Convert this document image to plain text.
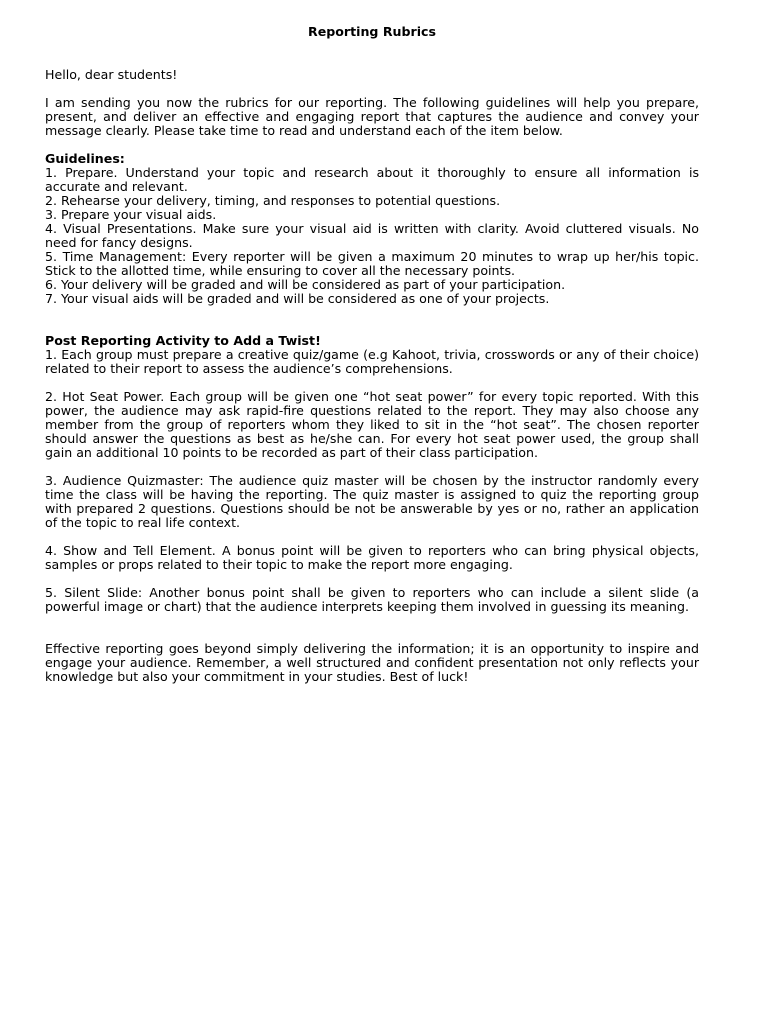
Reporting Rubrics

Hello, dear students!

I am sending you now the rubrics for our reporting. The following guidelines will help you prepare, present, and deliver an effective and engaging report that captures the audience and convey your message clearly. Please take time to read and understand each of the item below.

Guidelines:

1. Prepare. Understand your topic and research about it thoroughly to ensure all information is accurate and relevant.

2. Rehearse your delivery, timing, and responses to potential questions.

3. Prepare your visual aids.

4. Visual Presentations. Make sure your visual aid is written with clarity. Avoid cluttered visuals. No need for fancy designs.

5. Time Management: Every reporter will be given a maximum 20 minutes to wrap up her/his topic. Stick to the allotted time, while ensuring to cover all the necessary points.

6. Your delivery will be graded and will be considered as part of your participation.

7. Your visual aids will be graded and will be considered as one of your projects.

Post Reporting Activity to Add a Twist!

1. Each group must prepare a creative quiz/game (e.g Kahoot, trivia, crosswords or any of their choice) related to their report to assess the audience’s comprehensions.

2. Hot Seat Power. Each group will be given one “hot seat power” for every topic reported. With this power, the audience may ask rapid-fire questions related to the report. They may also choose any member from the group of reporters whom they liked to sit in the “hot seat”. The chosen reporter should answer the questions as best as he/she can. For every hot seat power used, the group shall gain an additional 10 points to be recorded as part of their class participation.

3. Audience Quizmaster: The audience quiz master will be chosen by the instructor randomly every time the class will be having the reporting. The quiz master is assigned to quiz the reporting group with prepared 2 questions. Questions should be not be answerable by yes or no, rather an application of the topic to real life context.

4. Show and Tell Element. A bonus point will be given to reporters who can bring physical objects, samples or props related to their topic to make the report more engaging.

5. Silent Slide: Another bonus point shall be given to reporters who can include a silent slide (a powerful image or chart) that the audience interprets keeping them involved in guessing its meaning.

Effective reporting goes beyond simply delivering the information; it is an opportunity to inspire and engage your audience. Remember, a well structured and confident presentation not only reflects your knowledge but also your commitment in your studies. Best of luck!
